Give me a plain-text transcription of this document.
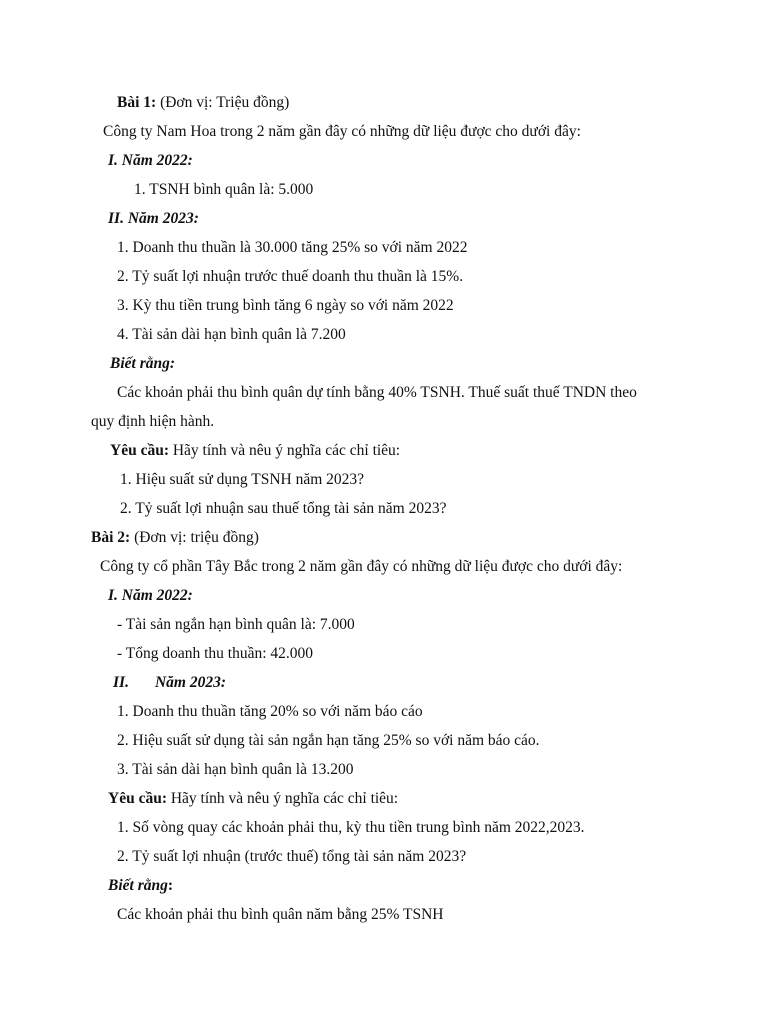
Bài 1: (Đơn vị: Triệu đồng)
Công ty Nam Hoa trong 2 năm gần đây có những dữ liệu được cho dưới đây:
I. Năm 2022:
1. TSNH bình quân là: 5.000
II. Năm 2023:
1. Doanh thu thuần là 30.000 tăng 25% so với năm 2022
2. Tỷ suất lợi nhuận trước thuế doanh thu thuần là 15%.
3. Kỳ thu tiền trung bình tăng 6 ngày so với năm 2022
4. Tài sản dài hạn bình quân là 7.200
Biết rằng:
Các khoản phải thu bình quân dự tính bằng 40% TSNH. Thuế suất thuế TNDN theo
quy định hiện hành.
Yêu cầu: Hãy tính và nêu ý nghĩa các chỉ tiêu:
1. Hiệu suất sử dụng TSNH năm 2023?
2. Tỷ suất lợi nhuận sau thuế tổng tài sản năm 2023?
Bài 2: (Đơn vị: triệu đồng)
Công ty cổ phần Tây Bắc trong 2 năm gần đây có những dữ liệu được cho dưới đây:
I. Năm 2022:
- Tài sản ngắn hạn bình quân là: 7.000
- Tổng doanh thu thuần: 42.000
II. Năm 2023:
1. Doanh thu thuần tăng 20% so với năm báo cáo
2. Hiệu suất sử dụng tài sản ngắn hạn tăng 25% so với năm báo cáo.
3. Tài sản dài hạn bình quân là 13.200
Yêu cầu: Hãy tính và nêu ý nghĩa các chỉ tiêu:
1. Số vòng quay các khoản phải thu, kỳ thu tiền trung bình năm 2022,2023.
2. Tỷ suất lợi nhuận (trước thuế) tổng tài sản năm 2023?
Biết rằng:
Các khoản phải thu bình quân năm bằng 25% TSNH
